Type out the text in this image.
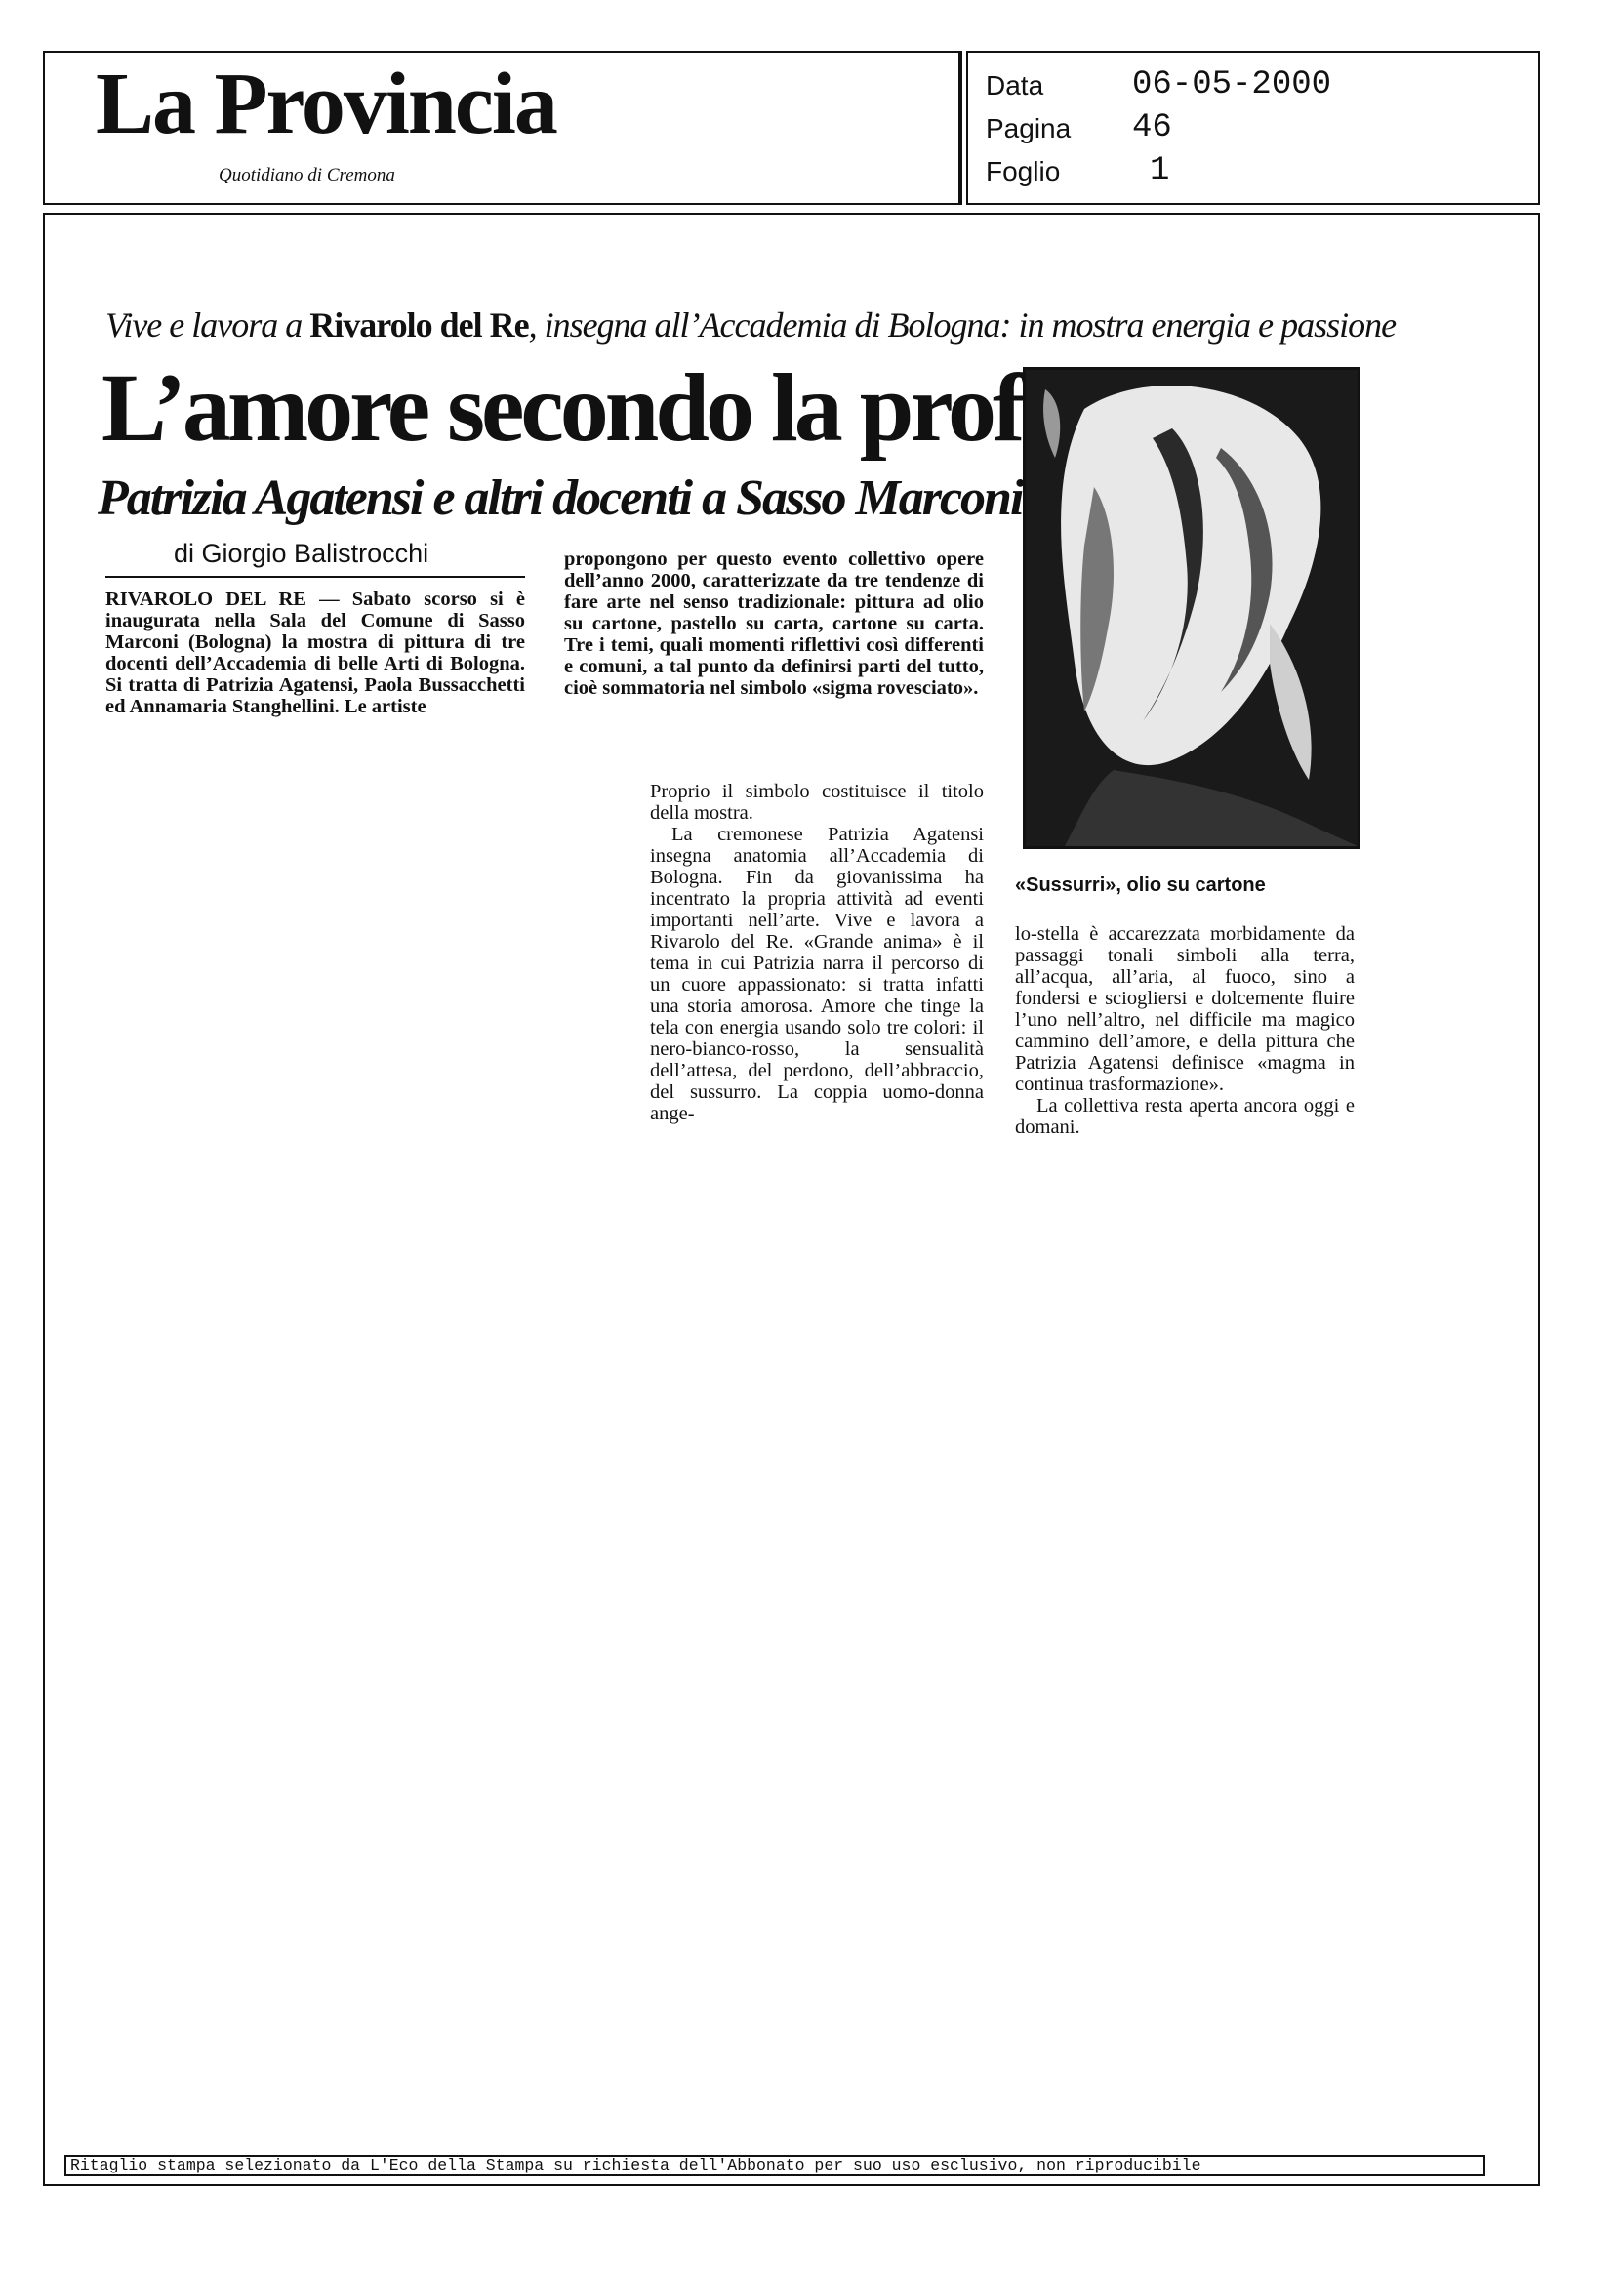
La Provincia
Quotidiano di Cremona
Data	06-05-2000
Pagina 46
Foglio	1
Vive e lavora a Rivarolo del Re, insegna all’Accademia di Bologna: in mostra energia e passione
L’amore secondo la prof
Patrizia Agatensi e altri docenti a Sasso Marconi
di Giorgio Balistrocchi

RIVAROLO DEL RE — Sabato scorso si è inaugurata nella Sala del Comune di Sasso Marconi (Bologna) la mostra di pittura di tre docenti dell’Accademia di belle Arti di Bologna. Si tratta di Patrizia Agatensi, Paola Bussacchetti ed Annamaria Stanghellini. Le artiste

propongono per questo evento collettivo opere dell’anno 2000, caratterizzate da tre tendenze di fare arte nel senso tradizionale: pittura ad olio su cartone, pastello su carta, cartone su carta. Tre i temi, quali momenti riflettivi così differenti e comuni, a tal punto da definirsi parti del tutto, cioè sommatoria nel simbolo «sigma rovesciato».

Proprio il simbolo costituisce il titolo della mostra.

La cremonese Patrizia Agatensi insegna anatomia all’Accademia di Bologna. Fin da giovanissima ha incentrato la propria attività ad eventi importanti nell’arte. Vive e lavora a Rivarolo del Re. «Grande anima» è il tema in cui Patrizia narra il percorso di un cuore appassionato: si tratta infatti una storia amorosa. Amore che tinge la tela con energia usando solo tre colori: il nero-bianco-rosso, la sensualità dell’attesa, del perdono, dell’abbraccio, del sussurro. La coppia uomo-donna ange-

lo-stella è accarezzata morbidamente da passaggi tonali simboli alla terra, all’acqua, all’aria, al fuoco, sino a fondersi e sciogliersi e dolcemente fluire l’uno nell’altro, nel difficile ma magico cammino dell’amore, e della pittura che Patrizia Agatensi definisce «magma in continua trasformazione».

La collettiva resta aperta ancora oggi e domani.

«Sussurri», olio su cartone
Ritaglio stampa selezionato da L'Eco della Stampa su richiesta dell'Abbonato per suo uso esclusivo, non riproducibile
